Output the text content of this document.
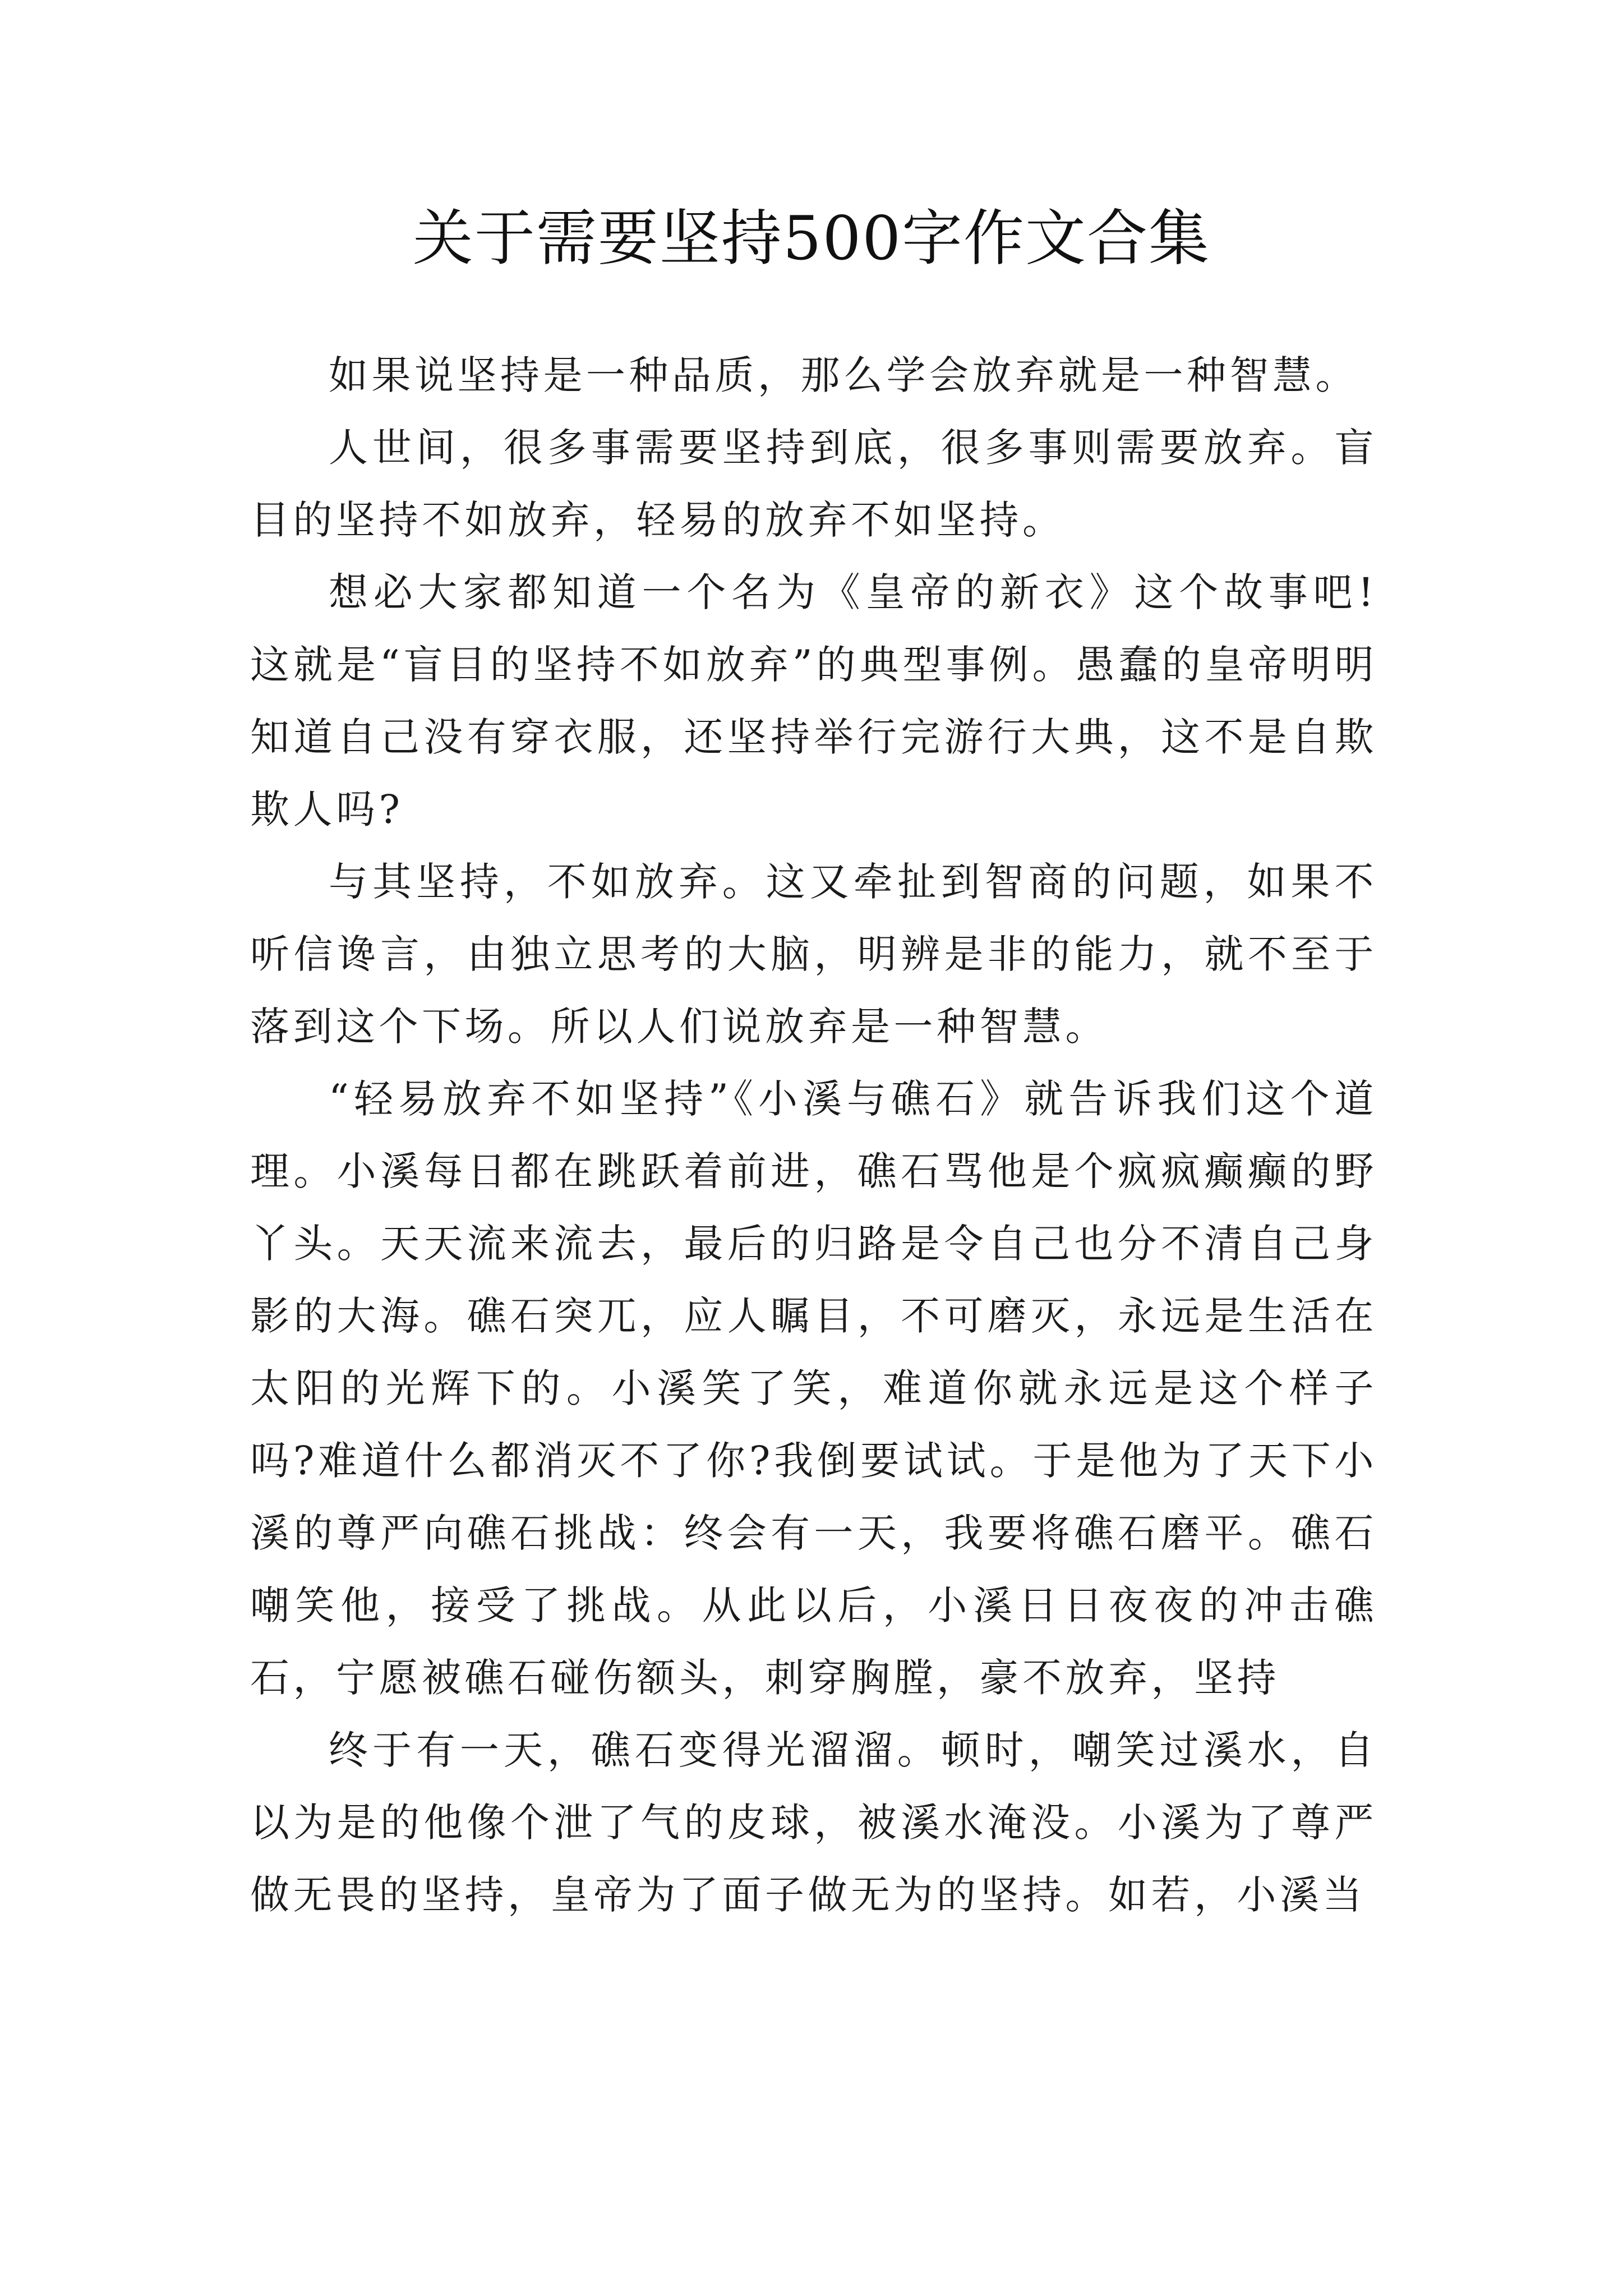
关于需要坚持500字作文合集

如果说坚持是一种品质，那么学会放弃就是一种智慧。

人世间，很多事需要坚持到底，很多事则需要放弃。盲目的坚持不如放弃，轻易的放弃不如坚持。

想必大家都知道一个名为《皇帝的新衣》这个故事吧!这就是“盲目的坚持不如放弃”的典型事例。愚蠢的皇帝明明知道自己没有穿衣服，还坚持举行完游行大典，这不是自欺欺人吗?

与其坚持，不如放弃。这又牵扯到智商的问题，如果不听信谗言，由独立思考的大脑，明辨是非的能力，就不至于落到这个下场。所以人们说放弃是一种智慧。

“轻易放弃不如坚持”《小溪与礁石》就告诉我们这个道理。小溪每日都在跳跃着前进，礁石骂他是个疯疯癫癫的野丫头。天天流来流去，最后的归路是令自己也分不清自己身影的大海。礁石突兀，应人瞩目，不可磨灭，永远是生活在太阳的光辉下的。小溪笑了笑，难道你就永远是这个样子吗?难道什么都消灭不了你?我倒要试试。于是他为了天下小溪的尊严向礁石挑战：终会有一天，我要将礁石磨平。礁石嘲笑他，接受了挑战。从此以后，小溪日日夜夜的冲击礁石，宁愿被礁石碰伤额头，刺穿胸膛，豪不放弃，坚持

终于有一天，礁石变得光溜溜。顿时，嘲笑过溪水，自以为是的他像个泄了气的皮球，被溪水淹没。小溪为了尊严做无畏的坚持，皇帝为了面子做无为的坚持。如若，小溪当
